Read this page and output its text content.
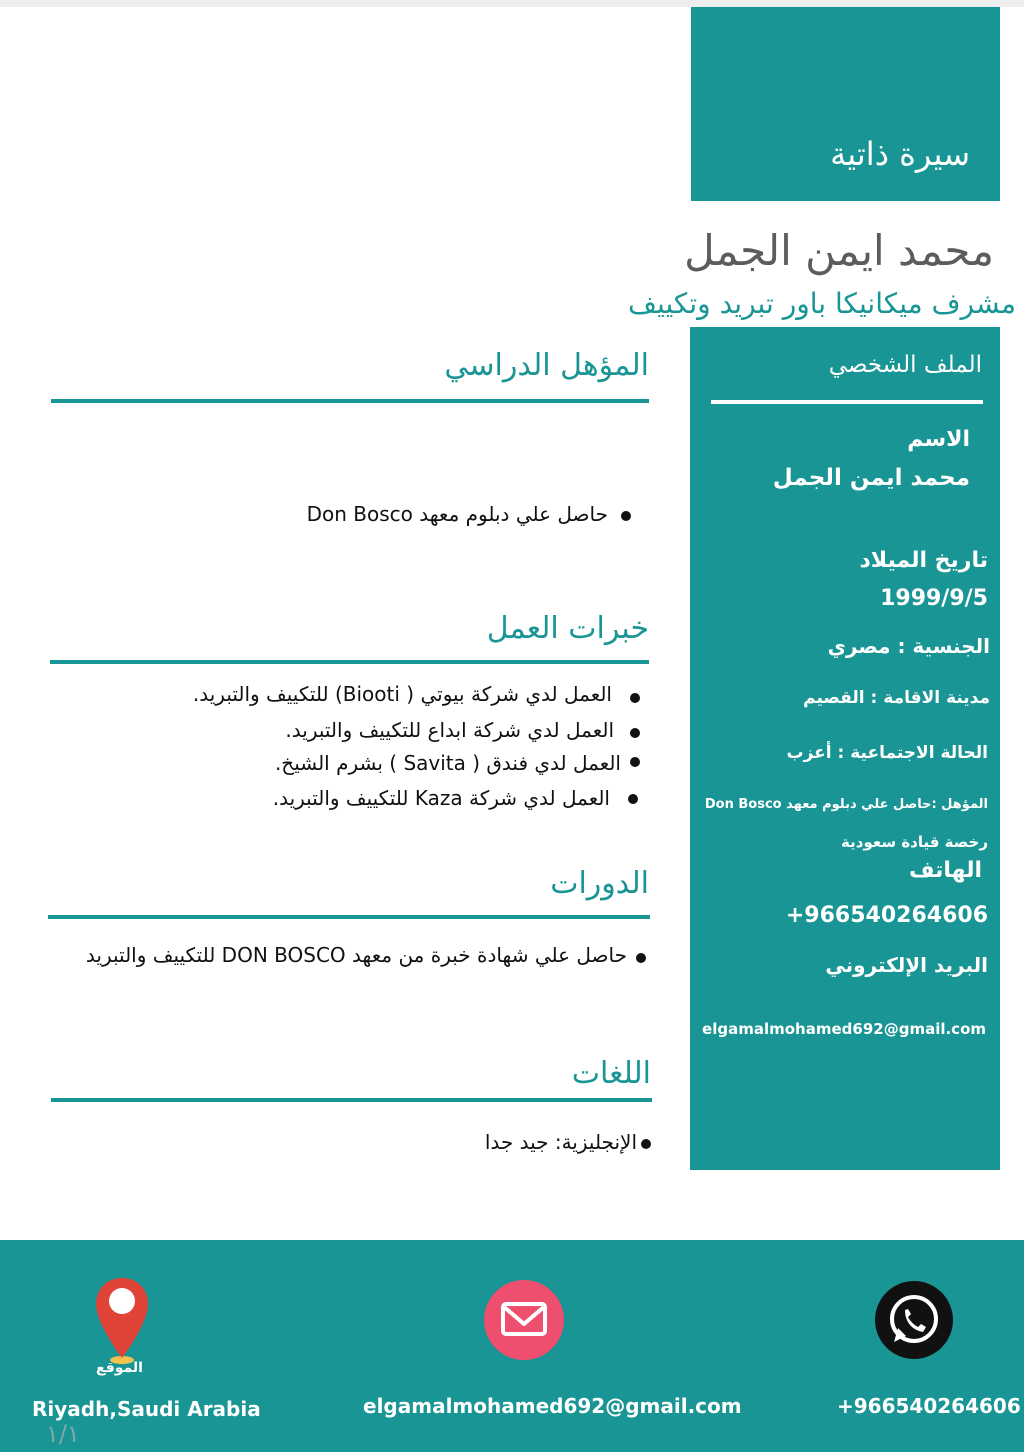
سيرة ذاتية
محمد ايمن الجمل
مشرف ميكانيكا باور تبريد وتكييف
الملف الشخصي
الاسم
محمد ايمن الجمل
تاريخ الميلاد
1999/9/5
الجنسية : مصري
مدينة الاقامة : القصيم
الحالة الاجتماعية : أعزب
المؤهل :حاصل علي دبلوم معهد Don Bosco
رخصة قيادة سعودية
الهاتف
+966540264606
البريد الإلكتروني
elgamalmohamed692@gmail.com
المؤهل الدراسي
حاصل علي دبلوم معهد Don Bosco
خبرات العمل
العمل لدي شركة بيوتي ( Biooti) للتكييف والتبريد.
العمل لدي شركة ابداع للتكييف والتبريد.
العمل لدي فندق ( Savita ) بشرم الشيخ.
العمل لدي شركة Kaza للتكييف والتبريد.
الدورات
حاصل علي شهادة خبرة من معهد DON BOSCO للتكييف والتبريد
اللغات
الإنجليزية: جيد جدا
الموقع
Riyadh,Saudi Arabia	elgamalmohamed692@gmail.com	+966540264606
١/١
